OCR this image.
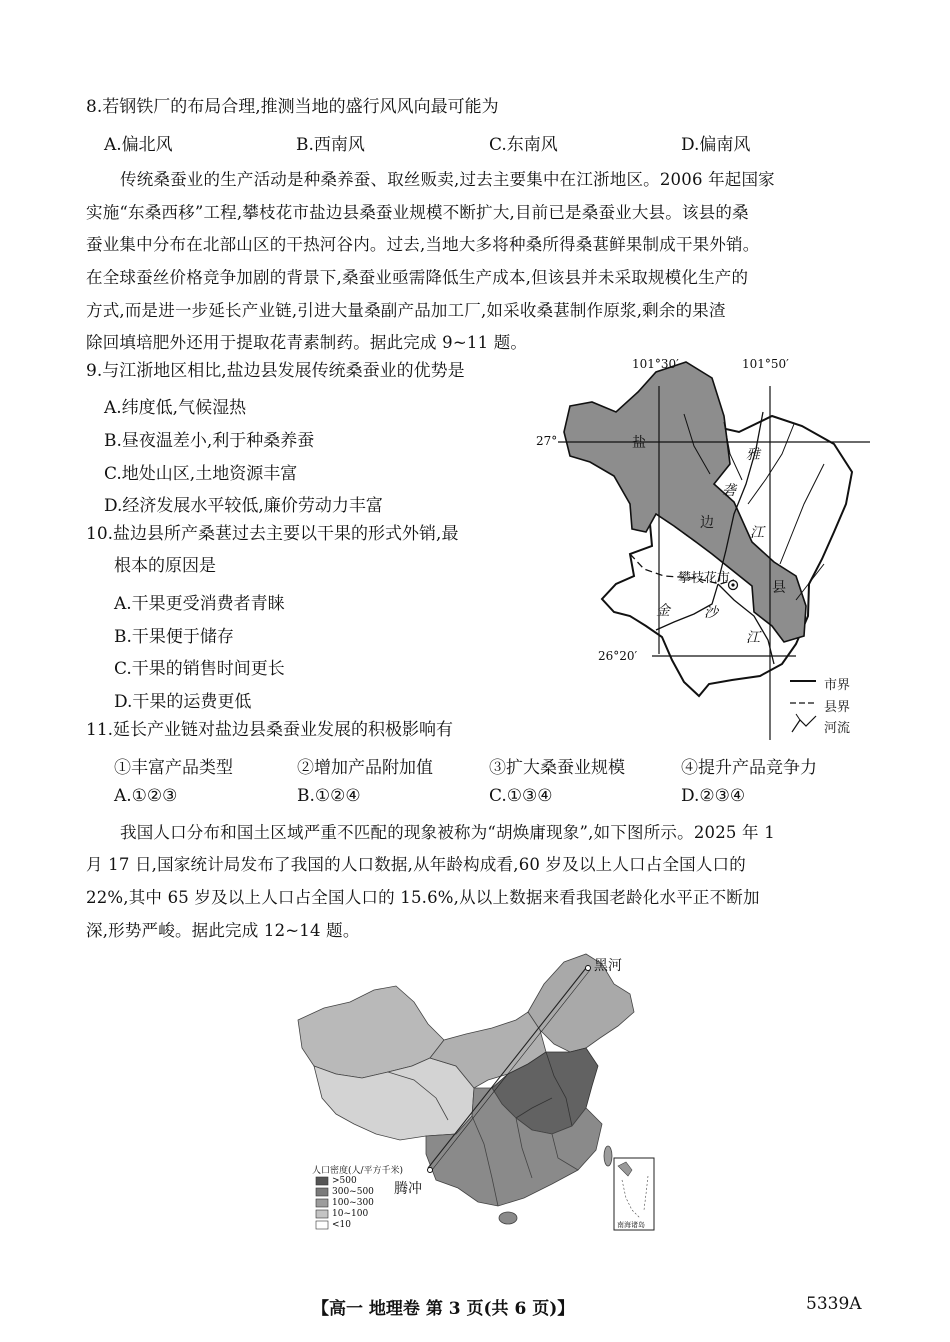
8.若钢铁厂的布局合理,推测当地的盛行风风向最可能为
A.偏北风	B.西南风	C.东南风	D.偏南风
传统桑蚕业的生产活动是种桑养蚕、取丝贩卖,过去主要集中在江浙地区。2006 年起国家
实施“东桑西移”工程,攀枝花市盐边县桑蚕业规模不断扩大,目前已是桑蚕业大县。该县的桑
蚕业集中分布在北部山区的干热河谷内。过去,当地大多将种桑所得桑葚鲜果制成干果外销。
在全球蚕丝价格竞争加剧的背景下,桑蚕业亟需降低生产成本,但该县并未采取规模化生产的
方式,而是进一步延长产业链,引进大量桑副产品加工厂,如采收桑葚制作原浆,剩余的果渣
除回填培肥外还用于提取花青素制药。据此完成 9~11 题。
9.与江浙地区相比,盐边县发展传统桑蚕业的优势是
A.纬度低,气候湿热
B.昼夜温差小,利于种桑养蚕
C.地处山区,土地资源丰富
D.经济发展水平较低,廉价劳动力丰富
10.盐边县所产桑葚过去主要以干果的形式外销,最
根本的原因是
A.干果更受消费者青睐
B.干果便于储存
C.干果的销售时间更长
D.干果的运费更低
11.延长产业链对盐边县桑蚕业发展的积极影响有
①丰富产品类型	②增加产品附加值	③扩大桑蚕业规模	④提升产品竞争力
A.①②③	B.①②④	C.①③④	D.②③④
101°30′	101°50′
27°
26°20′
盐
边
县
雅
砻
江
攀枝花市
金 沙
江
市界
县界
河流
我国人口分布和国土区域严重不匹配的现象被称为“胡焕庸现象”,如下图所示。2025 年 1
月 17 日,国家统计局发布了我国的人口数据,从年龄构成看,60 岁及以上人口占全国人口的
22%,其中 65 岁及以上人口占全国人口的 15.6%,从以上数据来看我国老龄化水平正不断加
深,形势严峻。据此完成 12~14 题。
黑河
腾冲
人口密度(人/平方千米)
>500
300~500
100~300
10~100
<10	南海诸岛
【高一 地理卷 第 3 页(共 6 页)】	5339A
